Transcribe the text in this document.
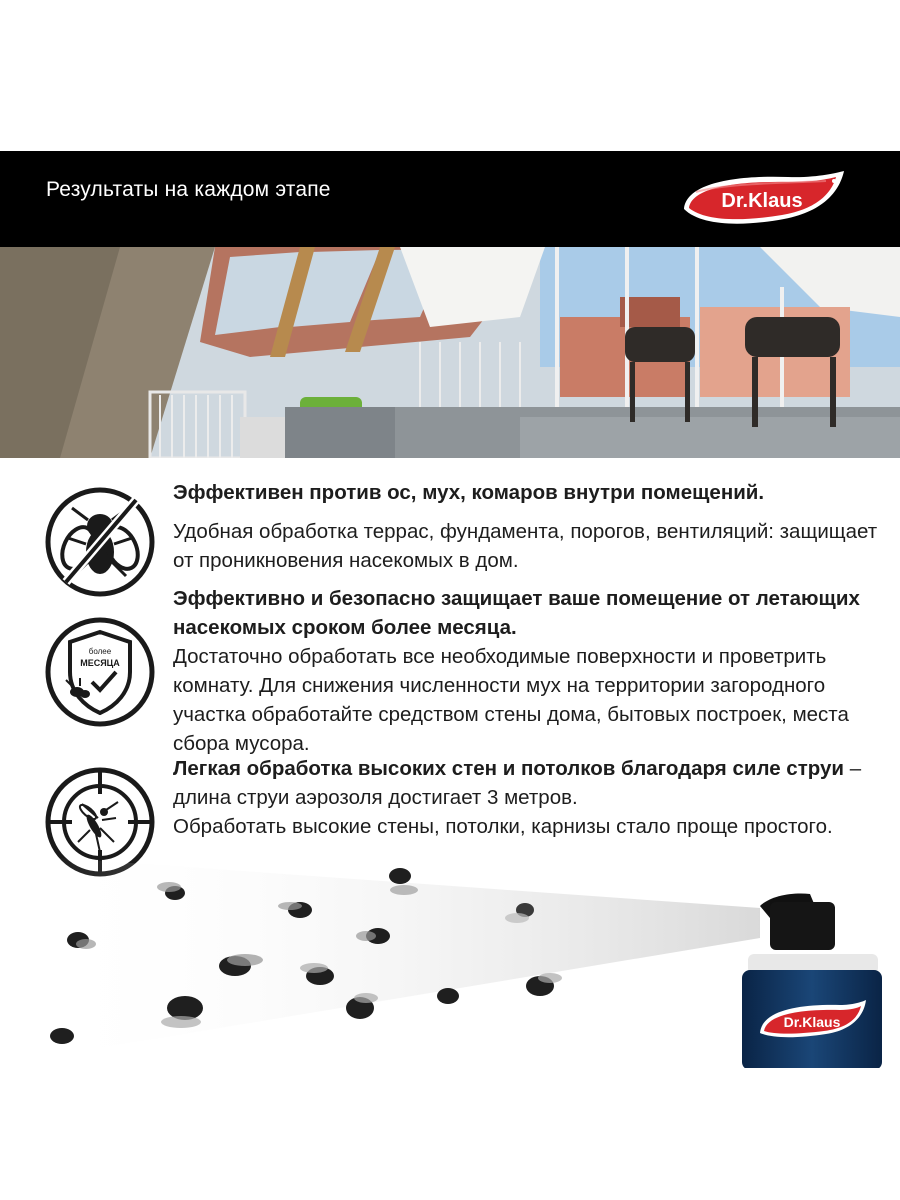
Результаты на каждом этапе	Dr.Klaus
Эффективен против ос, мух, комаров внутри помещений.
Удобная обработка террас, фундамента, порогов, вентиляций: защищает от проникновения насекомых в дом.
более
МЕСЯЦА
Эффективно и безопасно защищает ваше помещение от летающих насекомых сроком более месяца.
Достаточно обработать все необходимые поверхности и проветрить комнату. Для снижения численности мух на территории загородного участка обработайте средством стены дома, бытовых построек, места сбора мусора.
Легкая обработка высоких стен и потолков благодаря силе струи – длина струи аэрозоля достигает 3 метров.
Обработать высокие стены, потолки, карнизы стало проще простого.
Dr.Klaus
